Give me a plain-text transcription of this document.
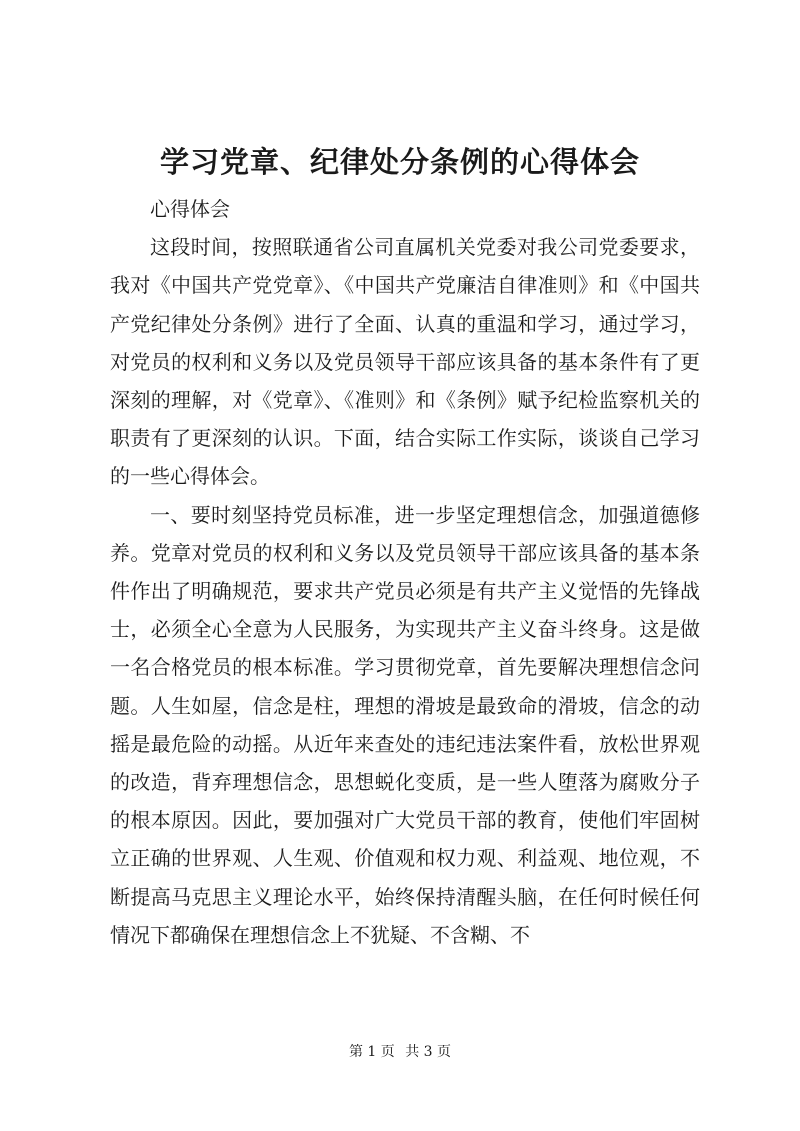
学习党章、纪律处分条例的心得体会

心得体会

这段时间，按照联通省公司直属机关党委对我公司党委要求，我对《中国共产党党章》、《中国共产党廉洁自律准则》和《中国共产党纪律处分条例》进行了全面、认真的重温和学习，通过学习，对党员的权利和义务以及党员领导干部应该具备的基本条件有了更深刻的理解，对《党章》、《准则》和《条例》赋予纪检监察机关的职责有了更深刻的认识。下面，结合实际工作实际，谈谈自己学习的一些心得体会。

一、要时刻坚持党员标准，进一步坚定理想信念，加强道德修养。党章对党员的权利和义务以及党员领导干部应该具备的基本条件作出了明确规范，要求共产党员必须是有共产主义觉悟的先锋战士，必须全心全意为人民服务，为实现共产主义奋斗终身。这是做一名合格党员的根本标准。学习贯彻党章，首先要解决理想信念问题。人生如屋，信念是柱，理想的滑坡是最致命的滑坡，信念的动摇是最危险的动摇。从近年来查处的违纪违法案件看，放松世界观的改造，背弃理想信念，思想蜕化变质，是一些人堕落为腐败分子的根本原因。因此，要加强对广大党员干部的教育，使他们牢固树立正确的世界观、人生观、价值观和权力观、利益观、地位观，不断提高马克思主义理论水平，始终保持清醒头脑，在任何时候任何情况下都确保在理想信念上不犹疑、不含糊、不

第 1 页 共 3 页
